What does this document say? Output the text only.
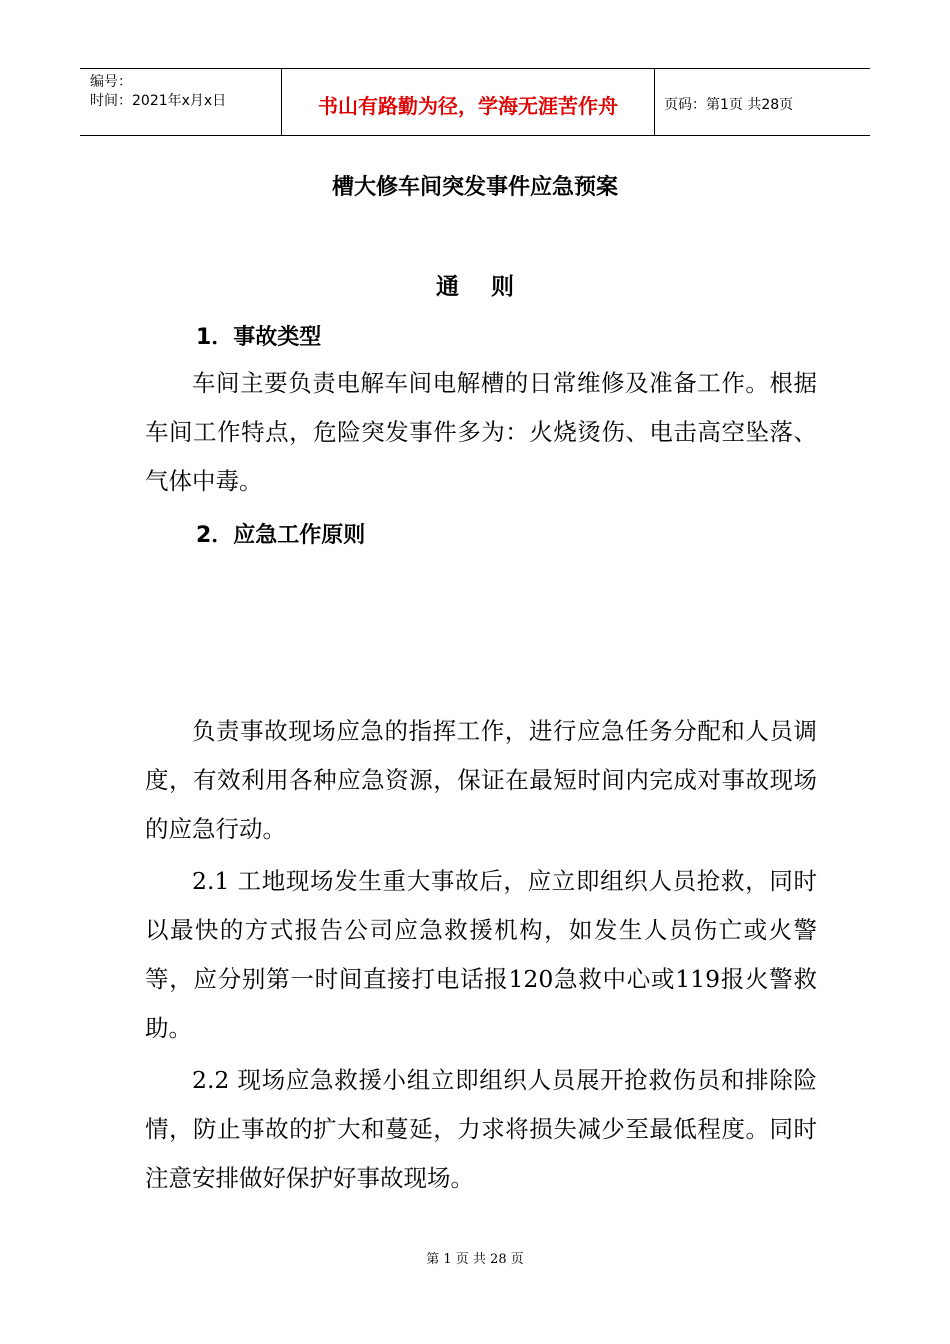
编号：
时间：2021年x月x日	书山有路勤为径，学海无涯苦作舟	页码：第1页 共28页
槽大修车间突发事件应急预案
通    则
1．事故类型

车间主要负责电解车间电解槽的日常维修及准备工作。根据车间工作特点，危险突发事件多为：火烧烫伤、电击高空坠落、气体中毒。

2．应急工作原则

负责事故现场应急的指挥工作，进行应急任务分配和人员调度，有效利用各种应急资源，保证在最短时间内完成对事故现场的应急行动。

2.1 工地现场发生重大事故后，应立即组织人员抢救，同时以最快的方式报告公司应急救援机构，如发生人员伤亡或火警等，应分别第一时间直接打电话报120急救中心或119报火警救助。

2.2 现场应急救援小组立即组织人员展开抢救伤员和排除险情，防止事故的扩大和蔓延，力求将损失减少至最低程度。同时注意安排做好保护好事故现场。

第 1 页 共 28 页
